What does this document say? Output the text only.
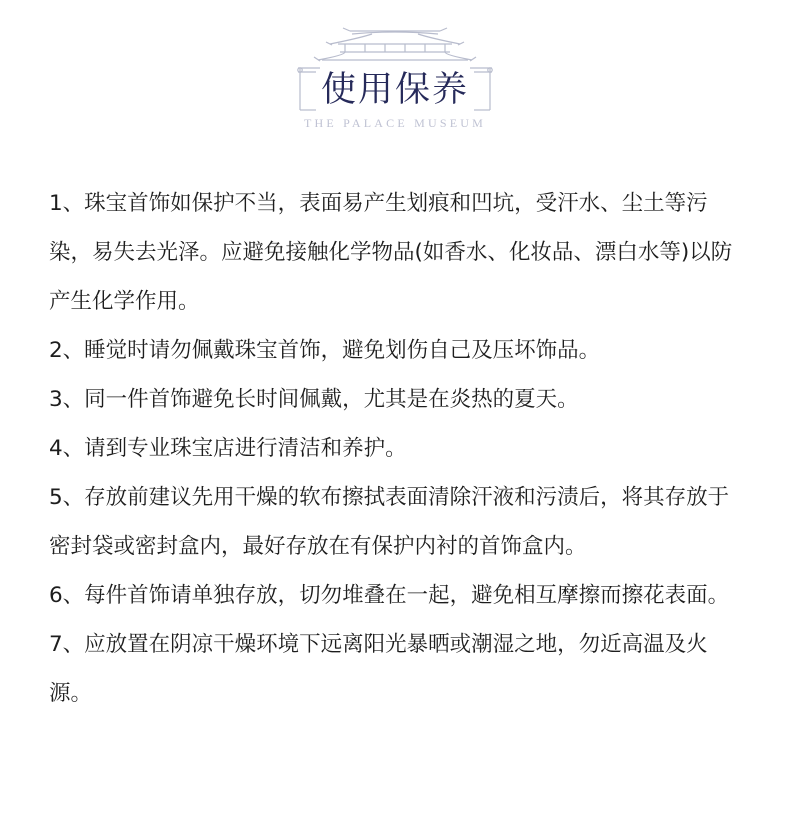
使用保养
THE PALACE MUSEUM

1、珠宝首饰如保护不当，表面易产生划痕和凹坑，受汗水、尘土等污染，易失去光泽。应避免接触化学物品(如香水、化妆品、漂白水等)以防产生化学作用。

2、睡觉时请勿佩戴珠宝首饰，避免划伤自己及压坏饰品。

3、同一件首饰避免长时间佩戴，尤其是在炎热的夏天。

4、请到专业珠宝店进行清洁和养护。

5、存放前建议先用干燥的软布擦拭表面清除汗液和污渍后，将其存放于密封袋或密封盒内，最好存放在有保护内衬的首饰盒内。

6、每件首饰请单独存放，切勿堆叠在一起，避免相互摩擦而擦花表面。

7、应放置在阴凉干燥环境下远离阳光暴晒或潮湿之地，勿近高温及火源。
